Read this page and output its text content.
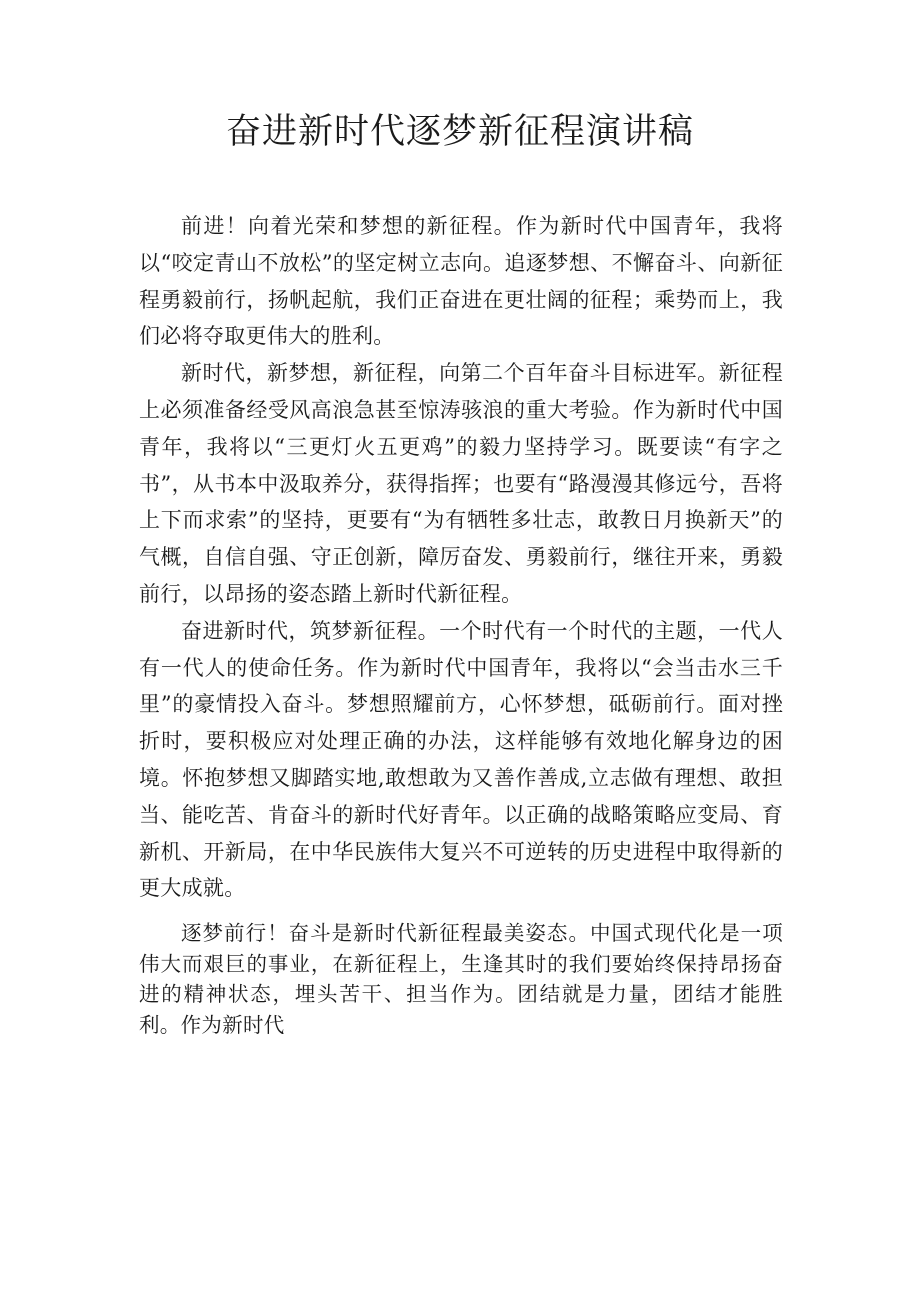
奋进新时代逐梦新征程演讲稿

前进！向着光荣和梦想的新征程。作为新时代中国青年，我将以“咬定青山不放松”的坚定树立志向。追逐梦想、不懈奋斗、向新征程勇毅前行，扬帆起航，我们正奋进在更壮阔的征程；乘势而上，我们必将夺取更伟大的胜利。

新时代，新梦想，新征程，向第二个百年奋斗目标进军。新征程上必须准备经受风高浪急甚至惊涛骇浪的重大考验。作为新时代中国青年，我将以“三更灯火五更鸡”的毅力坚持学习。既要读“有字之书”，从书本中汲取养分，获得指挥；也要有“路漫漫其修远兮，吾将上下而求索”的坚持，更要有“为有牺牲多壮志，敢教日月换新天”的气概，自信自强、守正创新，障厉奋发、勇毅前行，继往开来，勇毅前行，以昂扬的姿态踏上新时代新征程。

奋进新时代，筑梦新征程。一个时代有一个时代的主题，一代人有一代人的使命任务。作为新时代中国青年，我将以“会当击水三千里”的豪情投入奋斗。梦想照耀前方，心怀梦想，砥砺前行。面对挫折时，要积极应对处理正确的办法，这样能够有效地化解身边的困境。怀抱梦想又脚踏实地,敢想敢为又善作善成,立志做有理想、敢担当、能吃苦、肯奋斗的新时代好青年。以正确的战略策略应变局、育新机、开新局，在中华民族伟大复兴不可逆转的历史进程中取得新的更大成就。

逐梦前行！奋斗是新时代新征程最美姿态。中国式现代化是一项伟大而艰巨的事业，在新征程上，生逢其时的我们要始终保持昂扬奋进的精神状态，埋头苦干、担当作为。团结就是力量，团结才能胜利。作为新时代
